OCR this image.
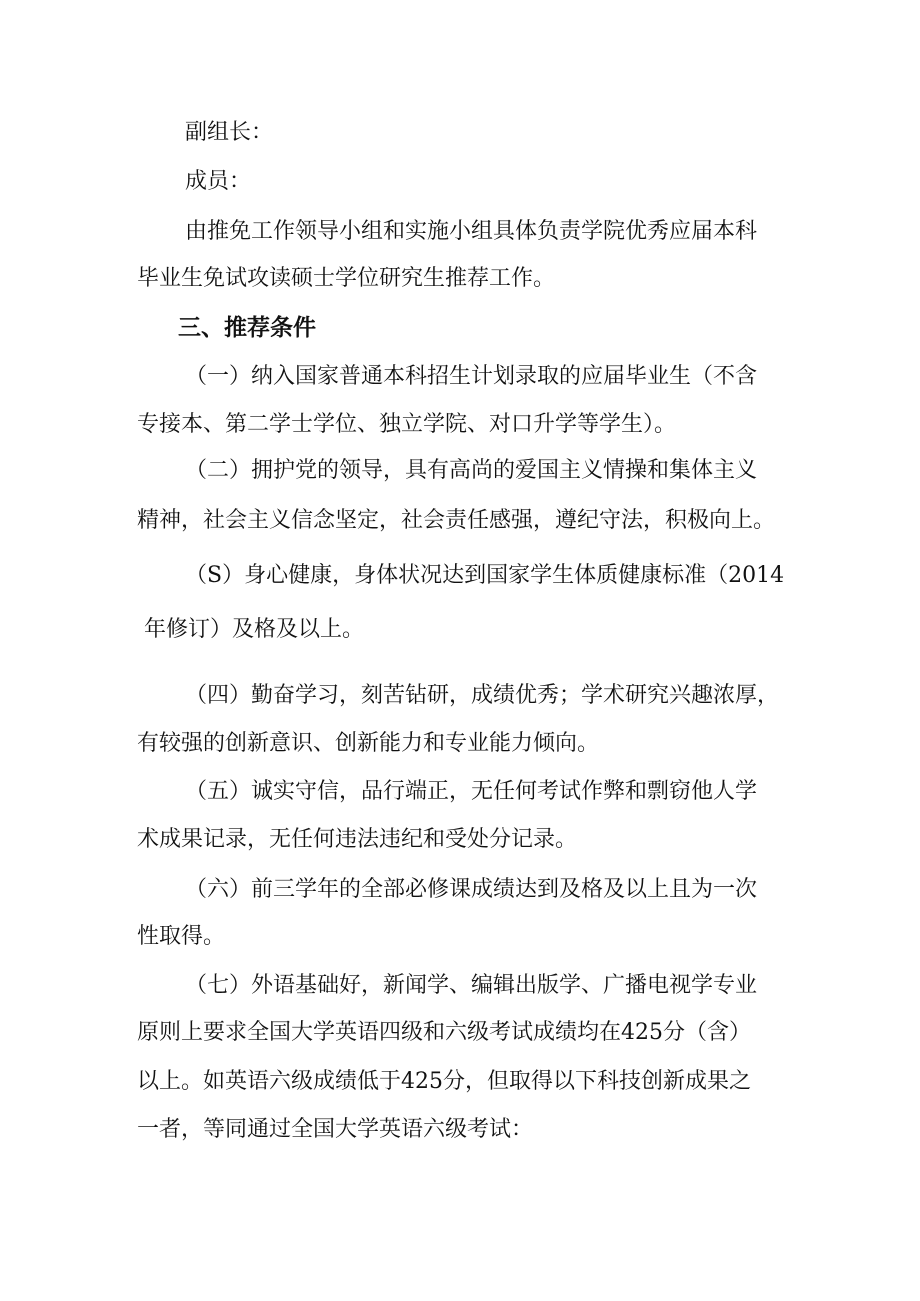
副组长：
成员：
由推免工作领导小组和实施小组具体负责学院优秀应届本科
毕业生免试攻读硕士学位研究生推荐工作。
三、推荐条件
（一）纳入国家普通本科招生计划录取的应届毕业生（不含
专接本、第二学士学位、独立学院、对口升学等学生）。
（二）拥护党的领导，具有高尚的爱国主义情操和集体主义
精神，社会主义信念坚定，社会责任感强，遵纪守法，积极向上。
（S）身心健康，身体状况达到国家学生体质健康标准（2014
年修订）及格及以上。
（四）勤奋学习，刻苦钻研，成绩优秀；学术研究兴趣浓厚，
有较强的创新意识、创新能力和专业能力倾向。
（五）诚实守信，品行端正，无任何考试作弊和剽窃他人学
术成果记录，无任何违法违纪和受处分记录。
（六）前三学年的全部必修课成绩达到及格及以上且为一次
性取得。
（七）外语基础好，新闻学、编辑出版学、广播电视学专业
原则上要求全国大学英语四级和六级考试成绩均在425分（含）
以上。如英语六级成绩低于425分，但取得以下科技创新成果之
一者，等同通过全国大学英语六级考试：
